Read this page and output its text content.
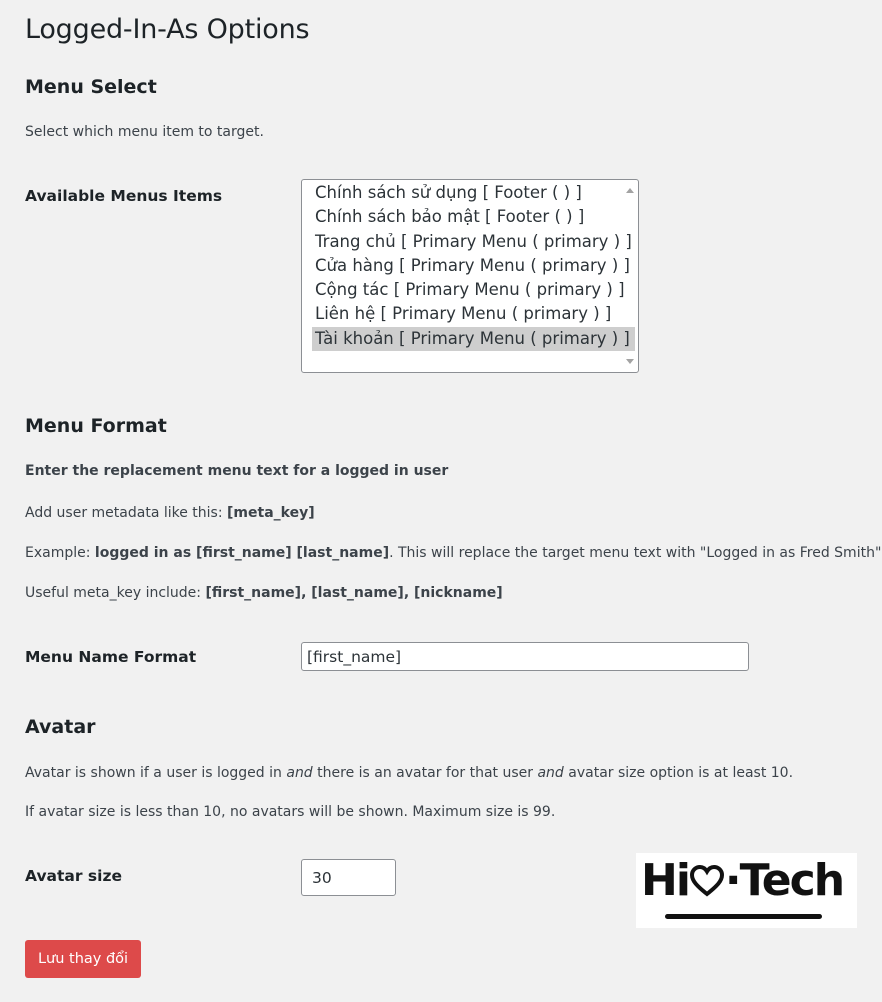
Logged-In-As Options
Menu Select
Select which menu item to target.
Available Menus Items	Chính sách sử dụng [ Footer ( ) ]
Chính sách bảo mật [ Footer ( ) ]
Trang chủ [ Primary Menu ( primary ) ]
Cửa hàng [ Primary Menu ( primary ) ]
Cộng tác [ Primary Menu ( primary ) ]
Liên hệ [ Primary Menu ( primary ) ]
Tài khoản [ Primary Menu ( primary ) ]
Menu Format
Enter the replacement menu text for a logged in user
Add user metadata like this: [meta_key]
Example: logged in as [first_name] [last_name]. This will replace the target menu text with "Logged in as Fred Smith"
Useful meta_key include: [first_name], [last_name], [nickname]
Menu Name Format
[first_name]
Avatar
Avatar is shown if a user is logged in and there is an avatar for that user and avatar size option is at least 10.
If avatar size is less than 10, no avatars will be shown. Maximum size is 99.
Avatar size
30	Hi ·Tech
Lưu thay đổi
